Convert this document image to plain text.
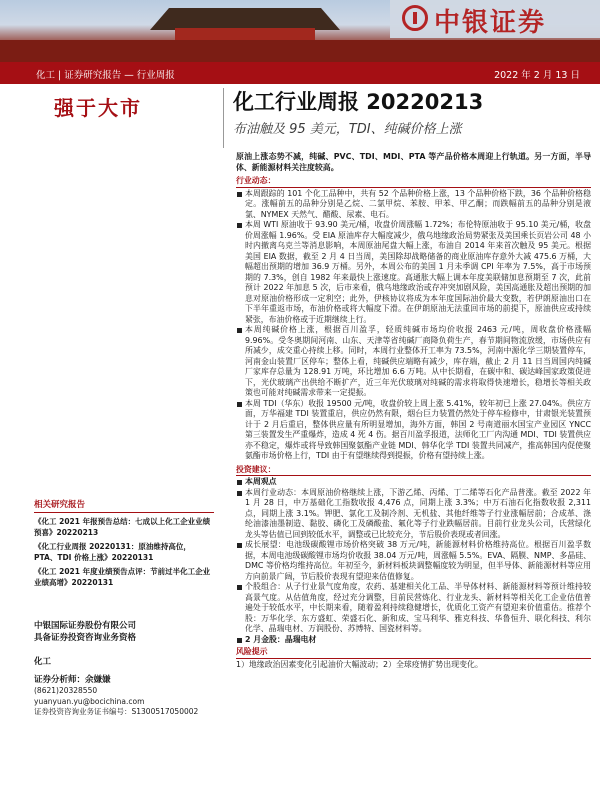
中银证券
化工 | 证券研究报告 — 行业周报	2022 年 2 月 13 日
强于大市	化工行业周报 20220213
布油触及 95 美元，TDI、纯碱价格上涨

原油上涨态势不减，纯碱、PVC、TDI、MDI、PTA 等产品价格本周迎上行轨道。另一方面，半导体、新能源材料关注度较高。

行业动态：

本周跟踪的 101 个化工品种中，共有 52 个品种价格上涨，13 个品种价格下跌，36 个品种价格稳定。涨幅前五的品种分别是乙烷、二氯甲烷、苯胺、甲苯、甲乙酮；而跌幅前五的品种分别是液氯、NYMEX 天然气、醋酸、尿素、电石。

本周 WTI 原油收于 93.90 美元/桶，收盘价周涨幅 1.72%；布伦特原油收于 95.10 美元/桶，收盘价周涨幅 1.96%。受 EIA 原油库存大幅度减少，俄乌地缘政治局势紧张及美国乘长页岩公司 48 小时内撤离乌克兰等消息影响，本周原油尾盘大幅上涨，布油自 2014 年来首次触及 95 美元。根据美国 EIA 数据，截至 2 月 4 日当周，美国除却战略储备的商业原油库存意外大减 475.6 万桶，大幅超出预期的增加 36.9 万桶。另外，本周公布的美国 1 月未季调 CPI 年率为 7.5%，高于市场预期的 7.3%，创自 1982 年来最快上涨速度。高通胀大幅上调本年度美联储加息预期至 7 次，此前预计 2022 年加息 5 次，后市来看，俄乌地缘政治或存冲突加剧风险，美国高通胀及超出预期的加息对原油价格形成一定利空；此外，伊核协议将成为本年度国际油价最大变数，若伊朗原油出口在下半年重返市场，布油价格或将大幅度下滑。在伊朗原油无法重回市场的前提下，原油供应或持续紧张，布油价格或于近期继续上行。

本周纯碱价格上涨，根据百川盈孚，轻质纯碱市场均价收报 2463 元/吨，周收盘价格涨幅 9.96%。受冬奥期间河南、山东、天津等省纯碱厂商降负荷生产，春节期间物流放缓，市场供应有所减少，成交重心持续上移。同时，本周行业整体开工率为 73.5%，河南中源化学三期装置停车，河南金山装置厂区停车；整体上看，纯碱供应端略有减少，库存端，截止 2 月 11 日当周国内纯碱厂家库存总量为 128.91 万吨，环比增加 6.6 万吨。从中长期看，在碳中和、碳达峰国家政策促进下，光伏玻璃产出供给不断扩产，近三年光伏玻璃对纯碱的需求将取得快速增长，稳增长等相关政策也可能对纯碱需求带来一定提振。

本周 TDI（华东）收报 19500 元/吨，收盘价较上周上涨 5.41%，较年初已上涨 27.04%。供应方面，万华福建 TDI 装置重启，供应仍然有限，烟台巨力装置仍然处于停车检修中，甘肃银光装置预计于 2 月后重启，整体供应量有所明显增加，海外方面，韩国 2 号南道丽水国宝产业园区 YNCC 第三装置发生严重爆炸，造成 4 死 4 伤。据百川盈孚报道，法师化工厂内沟通 MDI、TDI 装置供应亦不稳定，爆炸或将导致韩国聚氨酯产业链 MDI、韩华化学 TDI 装置共同减产，推高韩国内促使聚氨酯市场价格上行，TDI 由于有望继续得到提振，价格有望持续上涨。

投资建议：

本周观点

本周行业动态：本周原油价格继续上涨，下游乙烯、丙烯、丁二烯等石化产品普涨。截至 2022 年 1 月 28 日，中万基础化工指数收报 4,476 点，同期上涨 3.3%；中万石油石化指数收报 2,311 点，同期上涨 3.1%。钾肥、氯化工及制冷剂、无机盐、其他纤维等子行业涨幅居前；合成革、涤纶油漆油墨制造、黏胶、磷化工及磷酸盐、氟化等子行业跌幅居前。目前行业龙头公司，氏营绿化龙头等估值已回到较低水平，调整或已比较充分，节后股价表现或者回涨。

成长展望：电池级碳酸锂市场价格突破 38 万元/吨，新能源材料价格维持高位。根据百川盈孚数据，本周电池级碳酸锂市场均价收报 38.04 万元/吨，周涨幅 5.5%。EVA、隔膜、NMP、多晶硅、DMC 等价格均维持高位。年初至今，新材料板块调整幅度较为明显，但半导体、新能源材料等应用方向前景广阔，节后股价表现有望迎来估值修复。

个股组合：从子行业景气度角度，农药、基建相关化工品、半导体材料、新能源材料等预计维持较高景气度。从估值角度，经过充分调整，目前民营炼化、行业龙头、新材料等相关化工企业估值普遍处于较低水平，中长期来看，随着盈利持续稳健增长，优质化工资产有望迎来价值重估。推荐个股：万华化学、东方盛虹、荣盛石化、新和成、宝马利华、雅克科技、华鲁恒升、联化科技、利尔化学、晶瑞电材、万润股份、苏博特、国瓷材料等。

2 月金股：晶瑞电材

风险提示

1）地缘政治因素变化引起油价大幅波动；2）全球疫情扩势出现变化。

相关研究报告
《化工 2021 年报预告总结：七成以上化工企业业绩预喜》20220213
《化工行业周报 20220131：原油维持高位，PTA、TDI 价格上涨》20220131
《化工 2021 年度业绩预告点评：节前过半化工企业业绩高增》20220131
中银国际证券股份有限公司
具备证券投资咨询业务资格
化工
证券分析师：余嫌嫌
(8621)20328550
yuanyuan.yu@bocichina.com
证券投资咨询业务证书编号：S1300517050002
